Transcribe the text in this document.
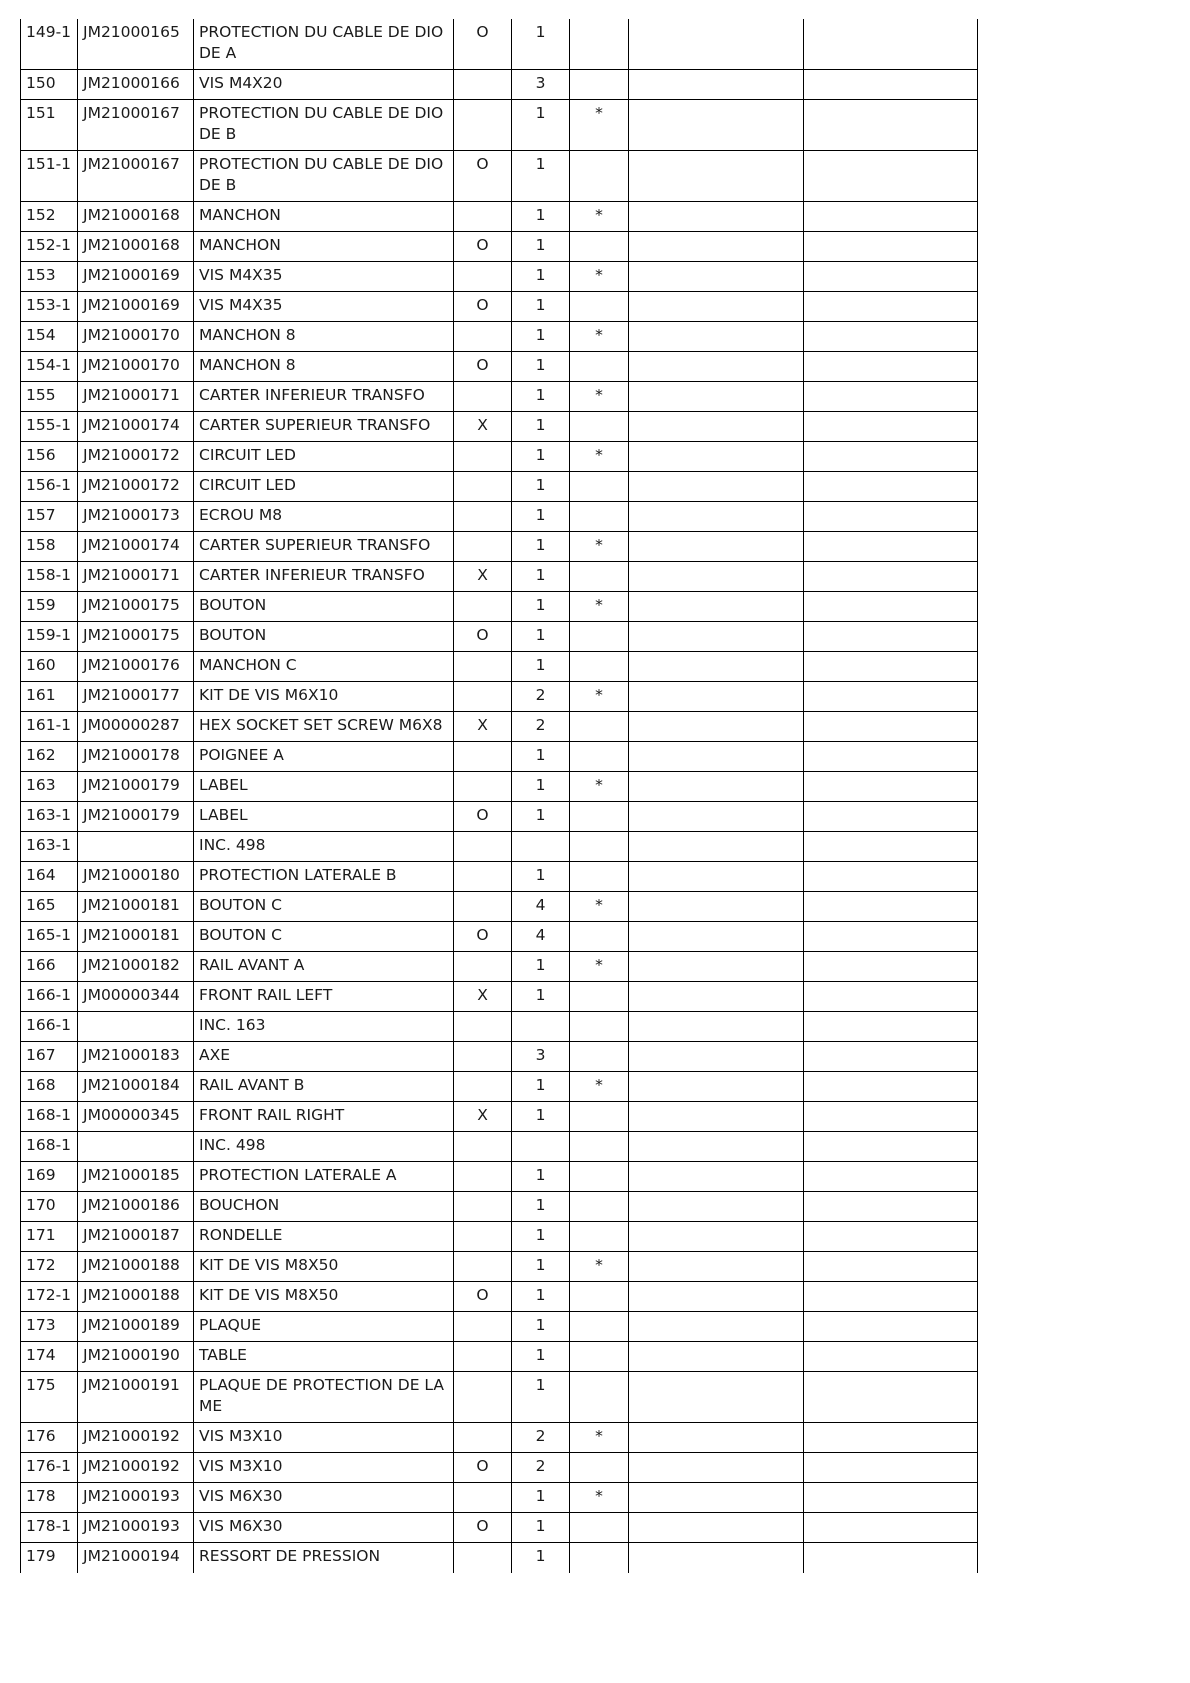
149-1	JM21000165	PROTECTION DU CABLE DE DIO DE A	O	1			
150	JM21000166	VIS M4X20		3			
151	JM21000167	PROTECTION DU CABLE DE DIO DE B		1	*		
151-1	JM21000167	PROTECTION DU CABLE DE DIO DE B	O	1			
152	JM21000168	MANCHON		1	*		
152-1	JM21000168	MANCHON	O	1			
153	JM21000169	VIS M4X35		1	*		
153-1	JM21000169	VIS M4X35	O	1			
154	JM21000170	MANCHON 8		1	*		
154-1	JM21000170	MANCHON 8	O	1			
155	JM21000171	CARTER INFERIEUR TRANSFO		1	*		
155-1	JM21000174	CARTER SUPERIEUR TRANSFO	X	1			
156	JM21000172	CIRCUIT LED		1	*		
156-1	JM21000172	CIRCUIT LED		1			
157	JM21000173	ECROU M8		1			
158	JM21000174	CARTER SUPERIEUR TRANSFO		1	*		
158-1	JM21000171	CARTER INFERIEUR TRANSFO	X	1			
159	JM21000175	BOUTON		1	*		
159-1	JM21000175	BOUTON	O	1			
160	JM21000176	MANCHON C		1			
161	JM21000177	KIT DE VIS M6X10		2	*		
161-1	JM00000287	HEX SOCKET SET SCREW M6X8	X	2			
162	JM21000178	POIGNEE A		1			
163	JM21000179	LABEL		1	*		
163-1	JM21000179	LABEL	O	1			
163-1		INC. 498					
164	JM21000180	PROTECTION LATERALE B		1			
165	JM21000181	BOUTON C		4	*		
165-1	JM21000181	BOUTON C	O	4			
166	JM21000182	RAIL AVANT A		1	*		
166-1	JM00000344	FRONT RAIL LEFT	X	1			
166-1		INC. 163					
167	JM21000183	AXE		3			
168	JM21000184	RAIL AVANT B		1	*		
168-1	JM00000345	FRONT RAIL RIGHT	X	1			
168-1		INC. 498					
169	JM21000185	PROTECTION LATERALE A		1			
170	JM21000186	BOUCHON		1			
171	JM21000187	RONDELLE		1			
172	JM21000188	KIT DE VIS M8X50		1	*		
172-1	JM21000188	KIT DE VIS M8X50	O	1			
173	JM21000189	PLAQUE		1			
174	JM21000190	TABLE		1			
175	JM21000191	PLAQUE DE PROTECTION DE LA ME		1			
176	JM21000192	VIS M3X10		2	*		
176-1	JM21000192	VIS M3X10	O	2			
178	JM21000193	VIS M6X30		1	*		
178-1	JM21000193	VIS M6X30	O	1			
179	JM21000194	RESSORT DE PRESSION		1			
